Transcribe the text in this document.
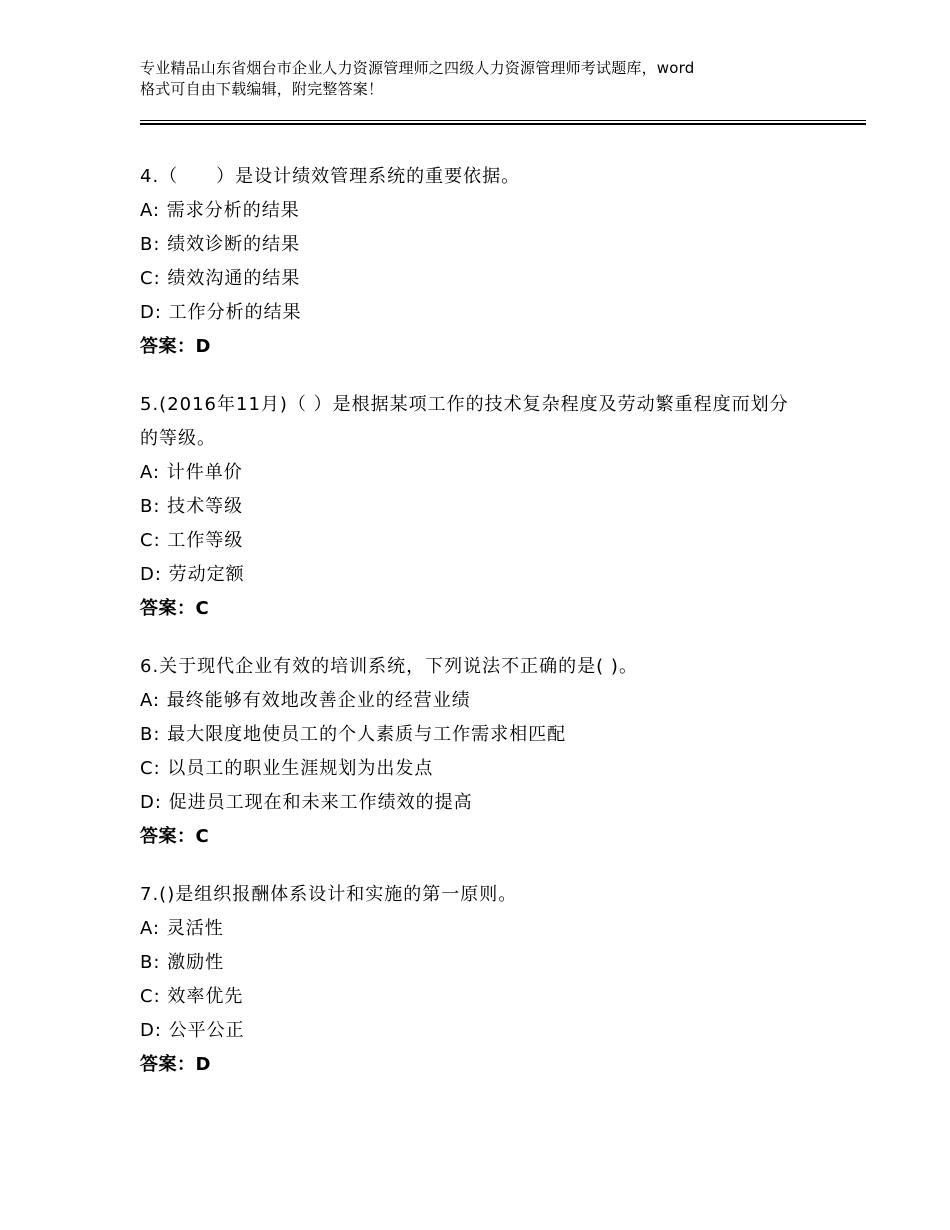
专业精品山东省烟台市企业人力资源管理师之四级人力资源管理师考试题库，word
格式可自由下载编辑，附完整答案！
4.（　　）是设计绩效管理系统的重要依据。
A: 需求分析的结果
B: 绩效诊断的结果
C: 绩效沟通的结果
D: 工作分析的结果
答案：D
5.(2016年11月)（ ）是根据某项工作的技术复杂程度及劳动繁重程度而划分的等级。
A: 计件单价
B: 技术等级
C: 工作等级
D: 劳动定额
答案：C
6.关于现代企业有效的培训系统，下列说法不正确的是( )。
A: 最终能够有效地改善企业的经营业绩
B: 最大限度地使员工的个人素质与工作需求相匹配
C: 以员工的职业生涯规划为出发点
D: 促进员工现在和未来工作绩效的提高
答案：C
7.()是组织报酬体系设计和实施的第一原则。
A: 灵活性
B: 激励性
C: 效率优先
D: 公平公正
答案：D
